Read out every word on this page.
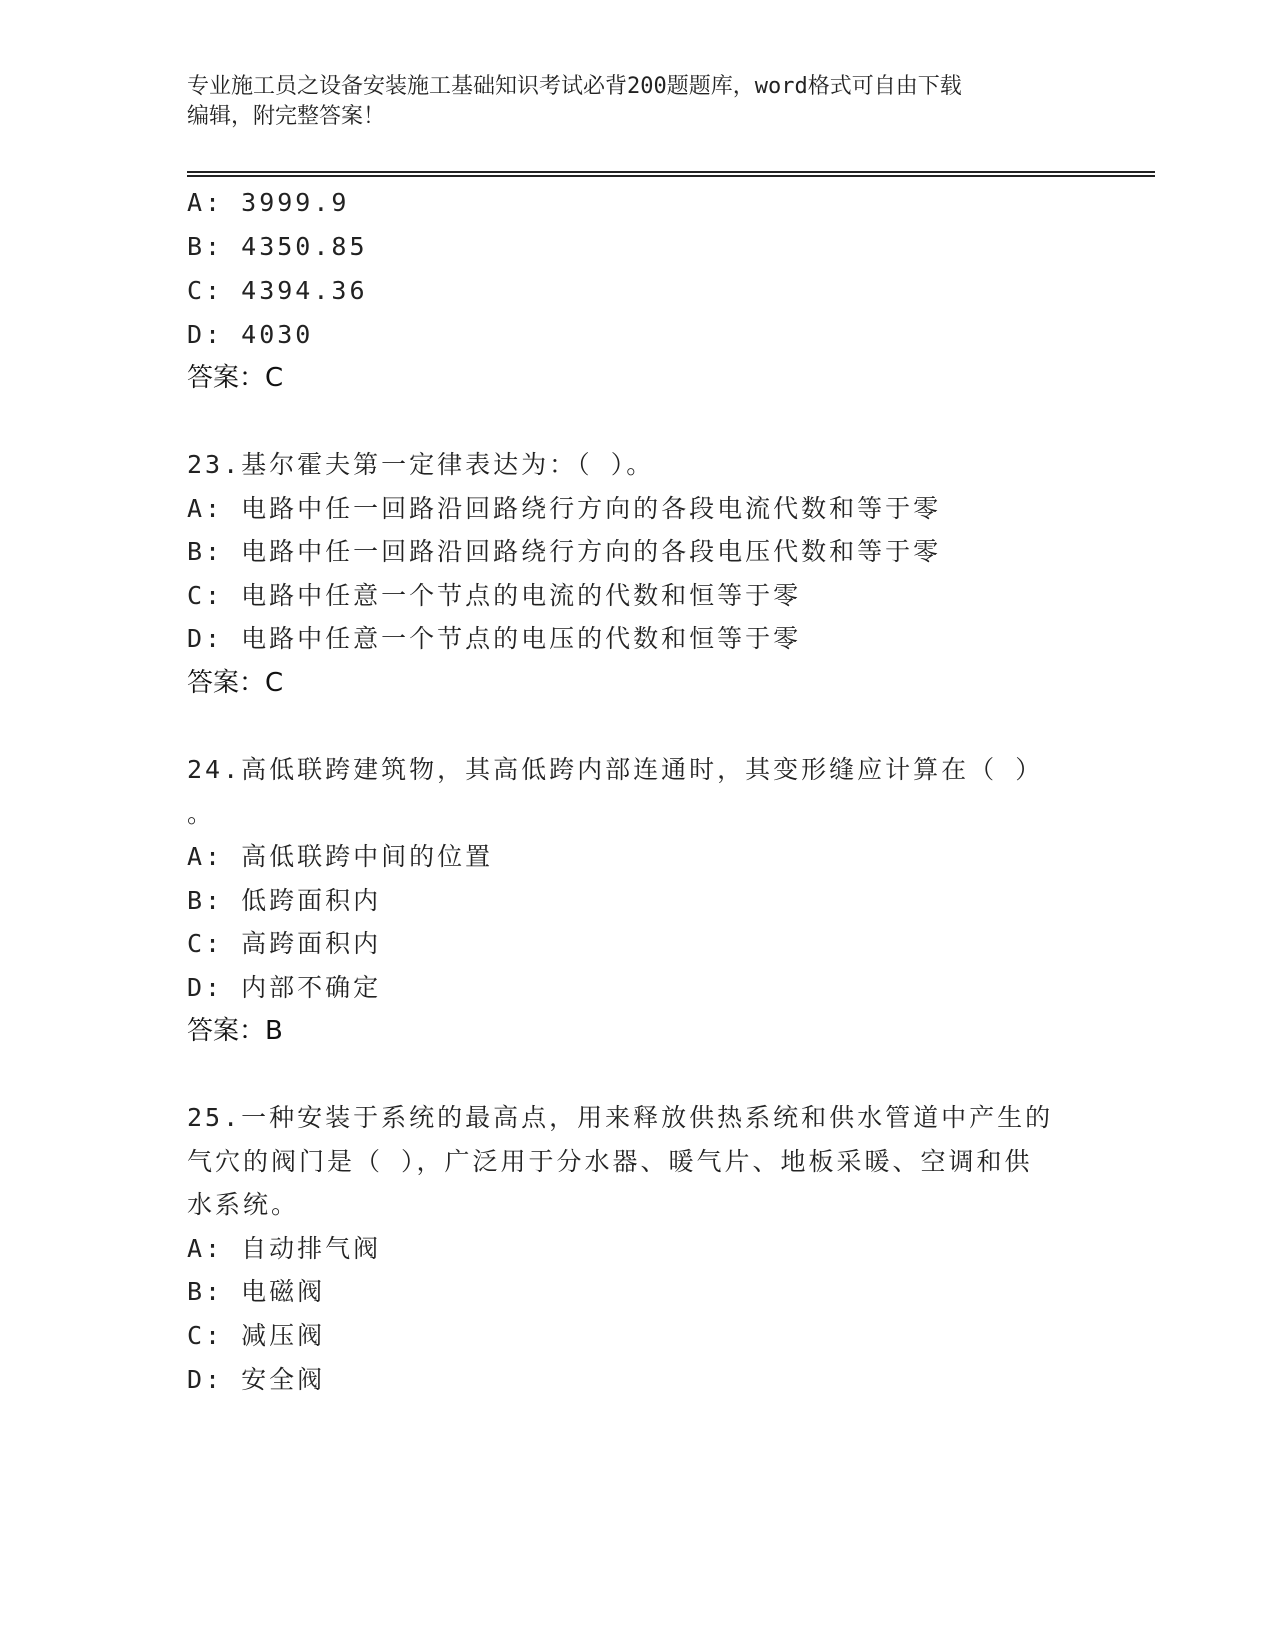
专业施工员之设备安装施工基础知识考试必背200题题库，word格式可自由下载
编辑，附完整答案！
A: 3999.9
B: 4350.85
C: 4394.36
D: 4030
答案：C
23.基尔霍夫第一定律表达为：（ ）。
A: 电路中任一回路沿回路绕行方向的各段电流代数和等于零
B: 电路中任一回路沿回路绕行方向的各段电压代数和等于零
C: 电路中任意一个节点的电流的代数和恒等于零
D: 电路中任意一个节点的电压的代数和恒等于零
答案：C
24.高低联跨建筑物，其高低跨内部连通时，其变形缝应计算在（ ）
。
A: 高低联跨中间的位置
B: 低跨面积内
C: 高跨面积内
D: 内部不确定
答案：B
25.一种安装于系统的最高点，用来释放供热系统和供水管道中产生的
气穴的阀门是（ ），广泛用于分水器、暖气片、地板采暖、空调和供
水系统。
A: 自动排气阀
B: 电磁阀
C: 减压阀
D: 安全阀
